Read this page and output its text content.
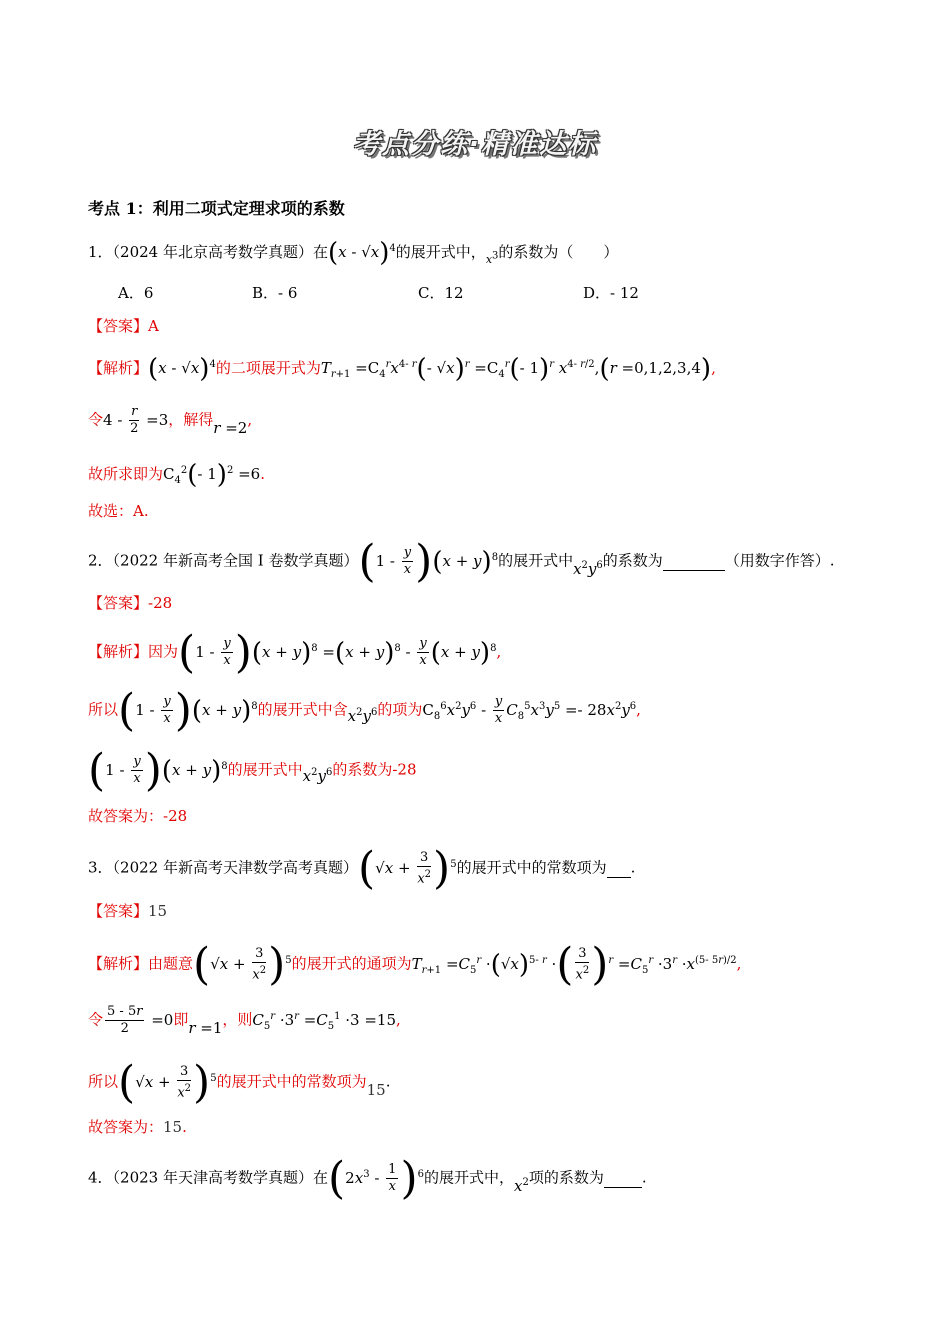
考点分练·精准达标
考点 1：利用二项式定理求项的系数
1．（2024 年北京高考数学真题）在(x - √x)$^4$的展开式中，$_{x^3}$的系数为（　　）
A．6	B．- 6	C．12	D．- 12
【答案】A
【解析】(x - √x)$^4$的二项展开式为$T_{r+1} =C_4^rx^{4- r}(-$ $√x)^r =C_4^r(-$ 1)$^r$ $x^{4- r/2},(r =0,1,2,3,4)$,
令$4 - \frac{r}{2} =3$，解得r =2,
故所求即为$C_4^2(-$ 1)$^2$ =6.
故选：A.
2．（2022 年新高考全国 I 卷数学真题）$(1 - \frac{y}{x} )(x + y)^8$的展开式中$x^2y^6$的系数为	（用数字作答）.
【答案】-28
【解析】因为$(1 - \frac{y}{x} )(x + y)^8 =(x + y)^8 - \frac{y}{x} (x + y)^8$,
所以$(1 - \frac{y}{x} )(x + y)^8$的展开式中含$x^2y^6$的项为$C_8^6x^2y^6 - \frac{y}{x} C_8^5x^3y^5 =- 28x^2y^6$,
$(1 - \frac{y}{x} )(x + y)^8$的展开式中$x^2y^6$的系数为-28
故答案为：-28
3．（2022 年新高考天津数学高考真题）$(√x + \frac{3}{x^2} )^5$的展开式中的常数项为 .
【答案】15
【解析】由题意$(√x + \frac{3}{x^2} )^5$的展开式的通项为$T_{r+1} =C_5^r \cdot(√x)^{5- r}$ ·( $\frac{3}{x^2} )^r =C_5^r \cdot 3^r \cdot x^{(5- 5r)/2}$,
令 $\frac{5 - 5r}{2} =0$即r =1，则$C_5^r \cdot 3^r =C_5^1 \cdot 3 =15$,
所以$(√x + \frac{3}{x^2} )^5$的展开式中的常数项为15.
故答案为：15.
4．（2023 年天津高考数学真题）在$(2x^3 - \frac{1}{x} )^6$的展开式中，$x^2$项的系数为	.
